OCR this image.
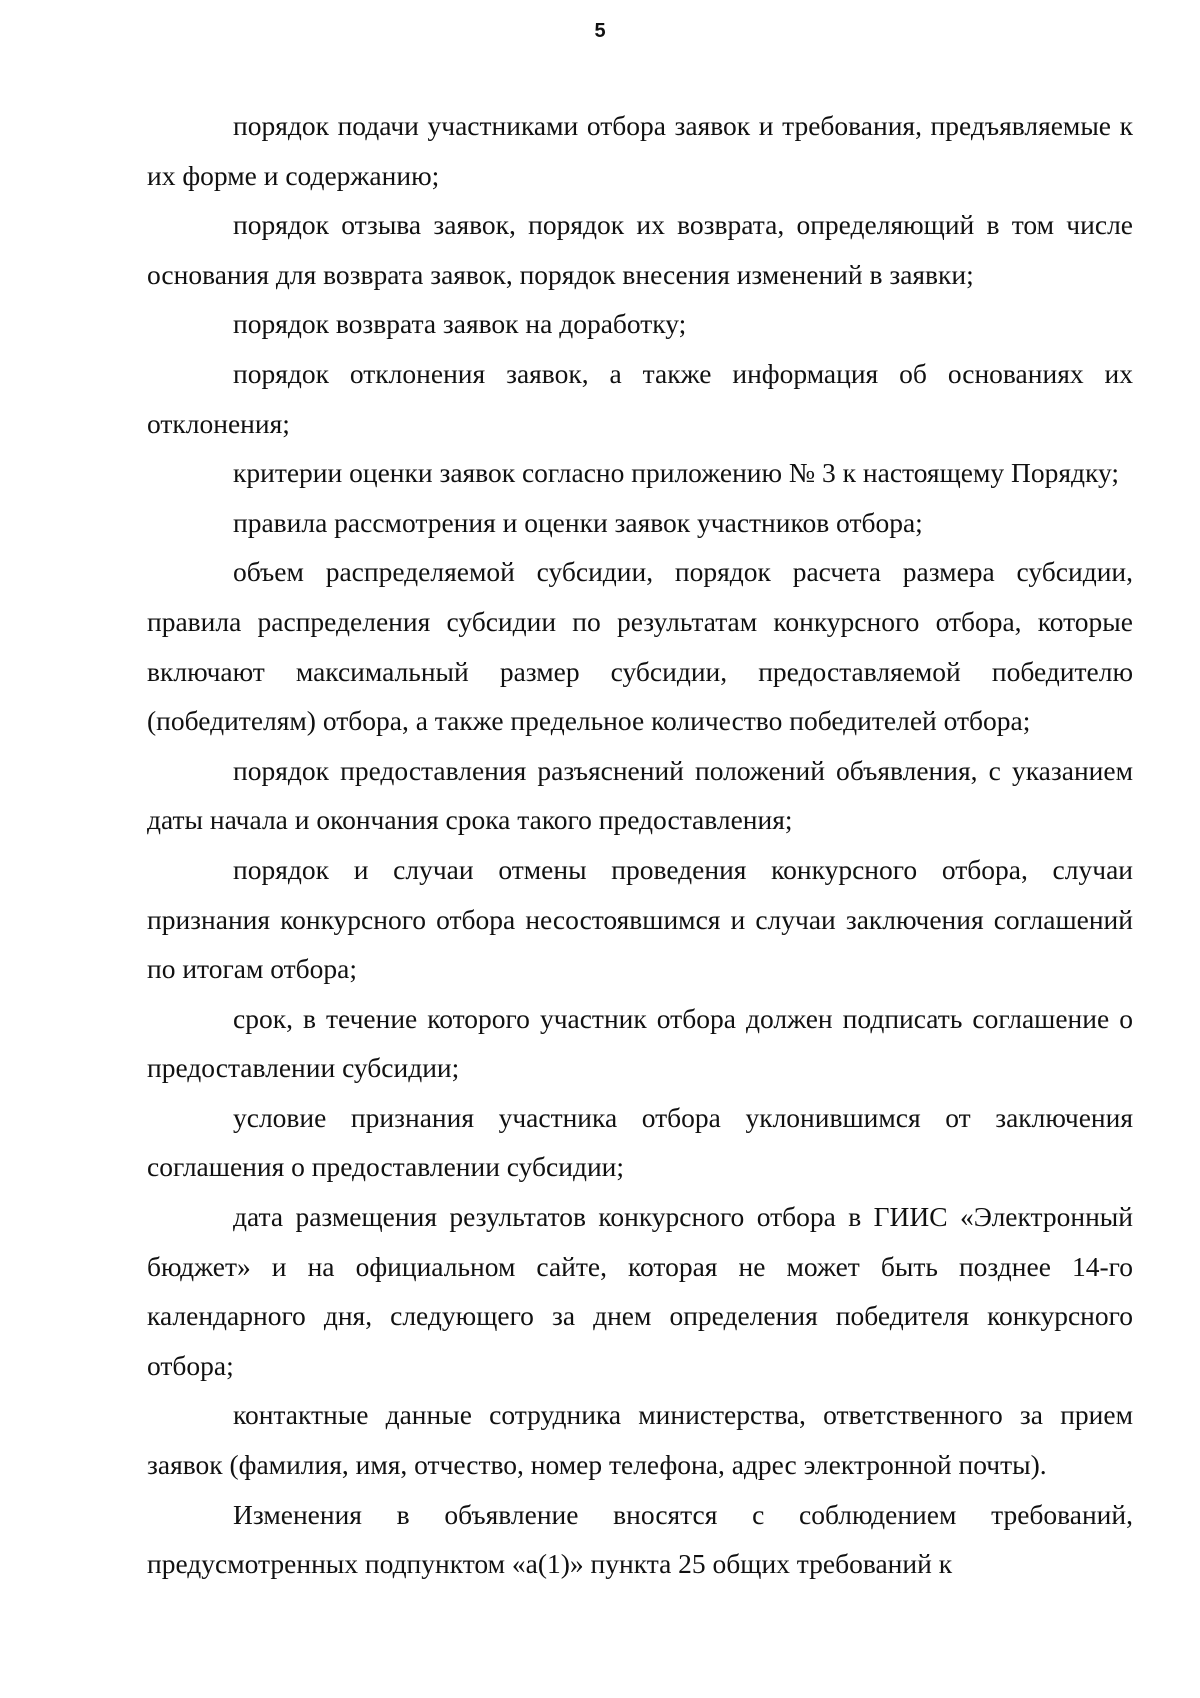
5

порядок подачи участниками отбора заявок и требования, предъявляемые к их форме и содержанию;

порядок отзыва заявок, порядок их возврата, определяющий в том числе основания для возврата заявок, порядок внесения изменений в заявки;

порядок возврата заявок на доработку;

порядок отклонения заявок, а также информация об основаниях их отклонения;

критерии оценки заявок согласно приложению № 3 к настоящему Порядку;

правила рассмотрения и оценки заявок участников отбора;

объем распределяемой субсидии, порядок расчета размера субсидии, правила распределения субсидии по результатам конкурсного отбора, которые включают максимальный размер субсидии, предоставляемой победителю (победителям) отбора, а также предельное количество победителей отбора;

порядок предоставления разъяснений положений объявления, с указанием даты начала и окончания срока такого предоставления;

порядок и случаи отмены проведения конкурсного отбора, случаи признания конкурсного отбора несостоявшимся и случаи заключения соглашений по итогам отбора;

срок, в течение которого участник отбора должен подписать соглашение о предоставлении субсидии;

условие признания участника отбора уклонившимся от заключения соглашения о предоставлении субсидии;

дата размещения результатов конкурсного отбора в ГИИС «Электронный бюджет» и на официальном сайте, которая не может быть позднее 14-го календарного дня, следующего за днем определения победителя конкурсного отбора;

контактные данные сотрудника министерства, ответственного за прием заявок (фамилия, имя, отчество, номер телефона, адрес электронной почты).

Изменения в объявление вносятся с соблюдением требований, предусмотренных подпунктом «а(1)» пункта 25 общих требований к
